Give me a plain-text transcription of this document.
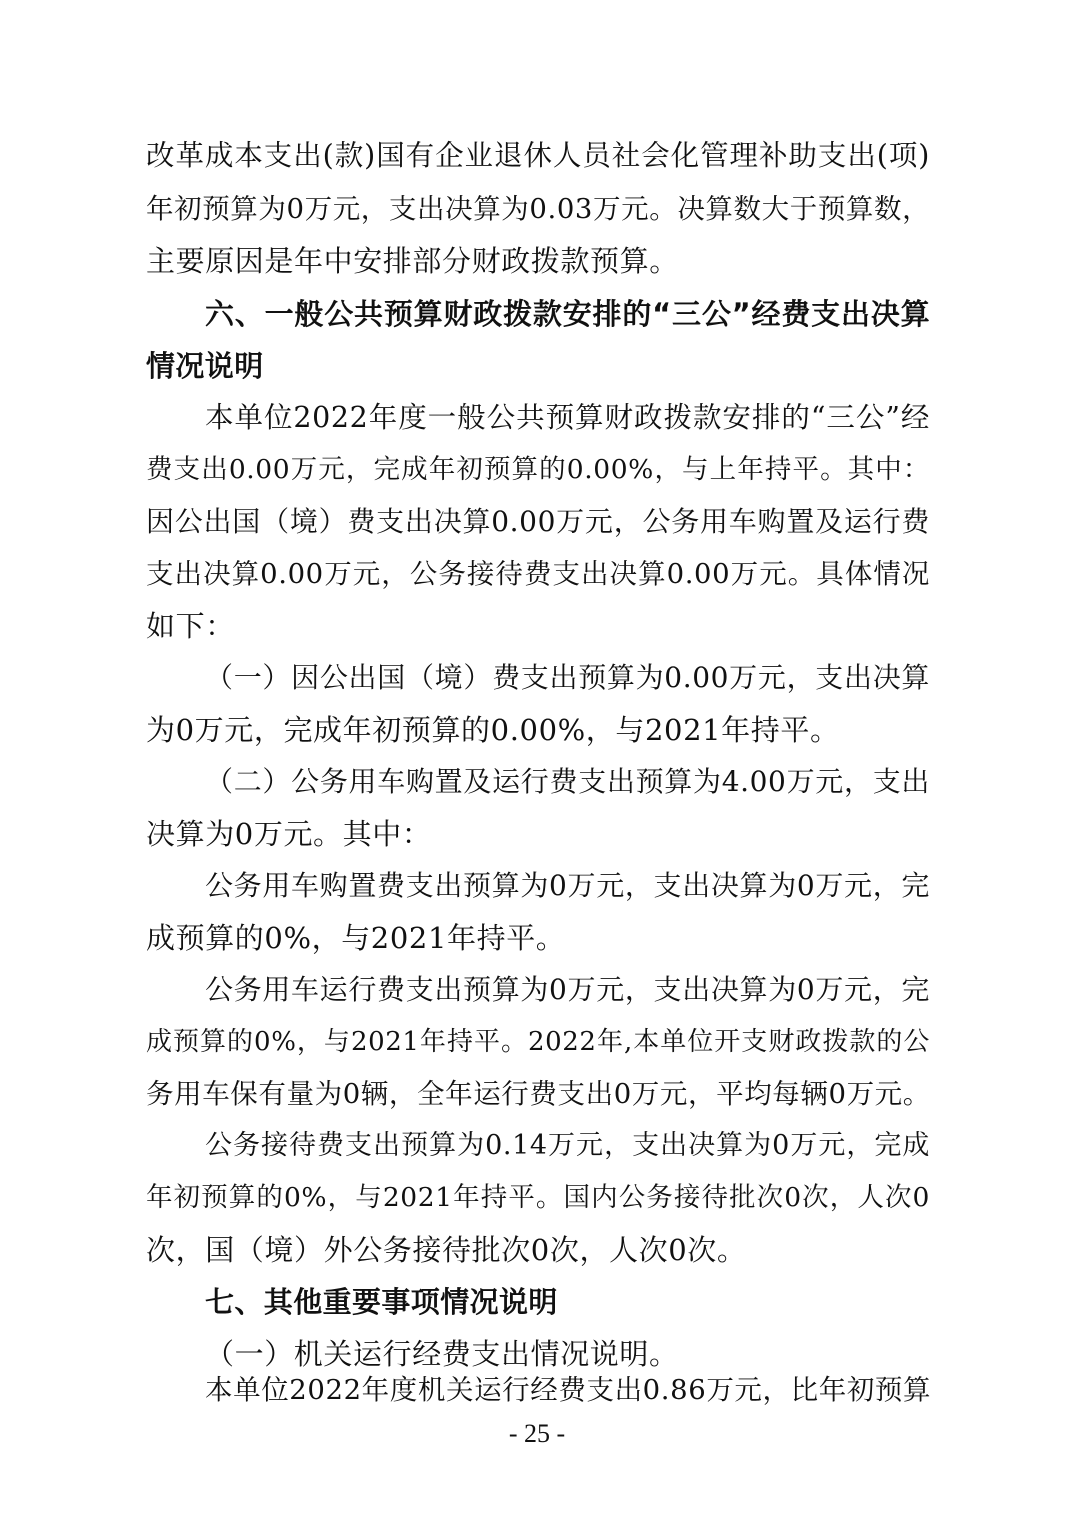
改革成本支出(款)国有企业退休人员社会化管理补助支出(项)
年初预算为0万元，支出决算为0.03万元。决算数大于预算数，
主要原因是年中安排部分财政拨款预算。
六、一般公共预算财政拨款安排的“三公”经费支出决算
情况说明
本单位2022年度一般公共预算财政拨款安排的“三公”经
费支出0.00万元，完成年初预算的0.00%，与上年持平。其中：
因公出国（境）费支出决算0.00万元，公务用车购置及运行费
支出决算0.00万元，公务接待费支出决算0.00万元。具体情况
如下：
（一）因公出国（境）费支出预算为0.00万元，支出决算
为0万元，完成年初预算的0.00%，与2021年持平。
（二）公务用车购置及运行费支出预算为4.00万元，支出
决算为0万元。其中：
公务用车购置费支出预算为0万元，支出决算为0万元，完
成预算的0%，与2021年持平。
公务用车运行费支出预算为0万元，支出决算为0万元，完
成预算的0%，与2021年持平。2022年,本单位开支财政拨款的公
务用车保有量为0辆，全年运行费支出0万元，平均每辆0万元。
公务接待费支出预算为0.14万元，支出决算为0万元，完成
年初预算的0%，与2021年持平。国内公务接待批次0次，人次0
次，国（境）外公务接待批次0次，人次0次。
七、其他重要事项情况说明
（一）机关运行经费支出情况说明。
本单位2022年度机关运行经费支出0.86万元，比年初预算
- 25 -
